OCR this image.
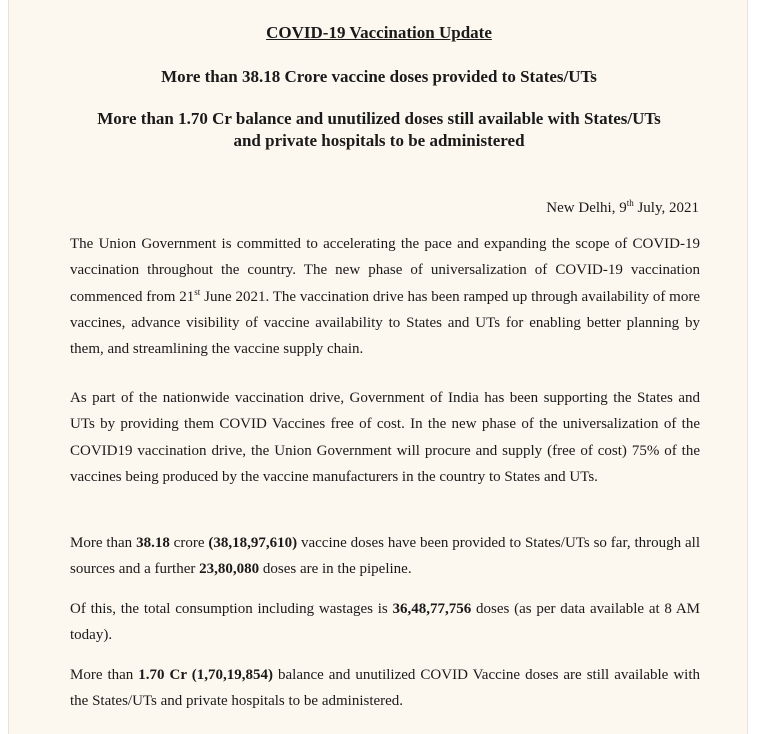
COVID-19 Vaccination Update
More than 38.18 Crore vaccine doses provided to States/UTs
More than 1.70 Cr balance and unutilized doses still available with States/UTs
and private hospitals to be administered
New Delhi, 9th July, 2021
The Union Government is committed to accelerating the pace and expanding the scope of COVID-19 vaccination throughout the country. The new phase of universalization of COVID-19 vaccination commenced from 21st June 2021. The vaccination drive has been ramped up through availability of more vaccines, advance visibility of vaccine availability to States and UTs for enabling better planning by them, and streamlining the vaccine supply chain.
As part of the nationwide vaccination drive, Government of India has been supporting the States and UTs by providing them COVID Vaccines free of cost. In the new phase of the universalization of the COVID19 vaccination drive, the Union Government will procure and supply (free of cost) 75% of the vaccines being produced by the vaccine manufacturers in the country to States and UTs.
More than 38.18 crore (38,18,97,610) vaccine doses have been provided to States/UTs so far, through all sources and a further 23,80,080 doses are in the pipeline.
Of this, the total consumption including wastages is 36,48,77,756 doses (as per data available at 8 AM today).
More than 1.70 Cr (1,70,19,854) balance and unutilized COVID Vaccine doses are still available with the States/UTs and private hospitals to be administered.
